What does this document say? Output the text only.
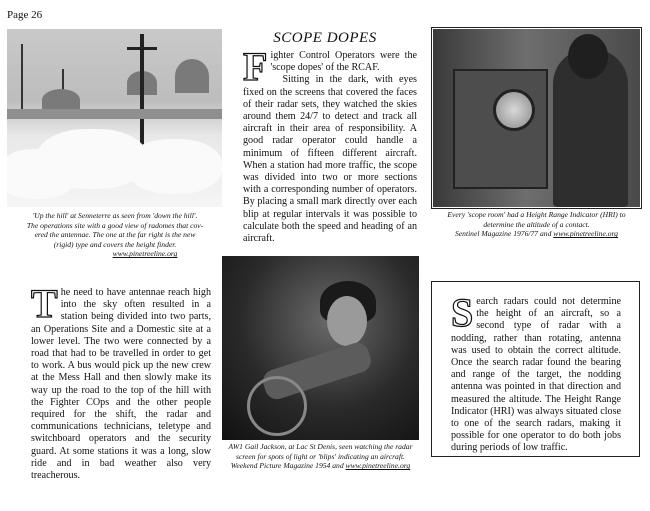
Page 26
'Up the hill' at Senneterre as seen from 'down the hill'.
The operations site with a good view of radomes that cov-
ered the antennae. The one at the far right is the new
(rigid) type and covers the height finder.
www.pinetreeline.org
SCOPE DOPES
F ighter Control Operators were the 'scope dopes' of the RCAF.
Sitting in the dark, with eyes fixed on the screens that covered the faces of their radar sets, they watched the skies around them 24/7 to detect and track all aircraft in their area of responsibility. A good radar operator could handle a minimum of fifteen different aircraft. When a station had more traffic, the scope was divided into two or more sections with a corresponding number of operators. By placing a small mark directly over each blip at regular intervals it was possible to calculate both the speed and heading of an aircraft.
Every 'scope room' had a Height Range Indicator (HRI) to
determine the altitude of a contact.
Sentinel Magazine 1976/77 and www.pinetreeline.org
T he need to have antennae reach high into the sky often resulted in a station being divided into two parts, an Operations Site and a Domestic site at a lower level. The two were connected by a road that had to be travelled in order to get to work. A bus would pick up the new crew at the Mess Hall and then slowly make its way up the road to the top of the hill with the Fighter COps and the other people required for the shift, the radar and communications technicians, teletype and switchboard operators and the security guard. At some stations it was a long, slow ride and in bad weather also very treacherous.
AW1 Gail Jackson, at Lac St Denis, seen watching the radar
screen for spots of light or 'blips' indicating an aircraft.
Weekend Picture Magazine 1954 and www.pinetreeline.org
S earch radars could not determine the height of an aircraft, so a second type of radar with a nodding, rather than rotating, antenna was used to obtain the correct altitude. Once the search radar found the bearing and range of the target, the nodding antenna was pointed in that direction and measured the altitude. The Height Range Indicator (HRI) was always situated close to one of the search radars, making it possible for one operator to do both jobs during periods of low traffic.
